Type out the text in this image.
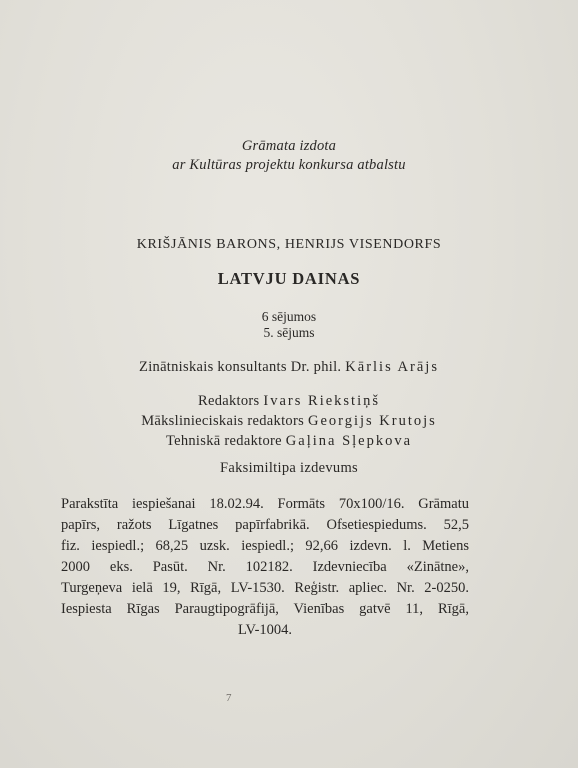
Grāmata izdota
ar Kultūras projektu konkursa atbalstu
KRIŠJĀNIS BARONS, HENRIJS VISENDORFS
LATVJU DAINAS
6 sējumos
5. sējums
Zinātniskais konsultants Dr. phil. Kārlis Arājs
Redaktors Ivars Riekstiņš
Mākslinieciskais redaktors Georgijs Krutojs
Tehniskā redaktore Gaļina Sļepkova
Faksimiltipa izdevums
Parakstīta iespiešanai 18.02.94. Formāts 70x100/16. Grāmatu
papīrs, ražots Līgatnes papīrfabrikā. Ofsetiespiedums. 52,5
fiz. iespiedl.; 68,25 uzsk. iespiedl.; 92,66 izdevn. l. Metiens
2000 eks. Pasūt. Nr. 102182. Izdevniecība «Zinātne»,
Turgeņeva ielā 19, Rīgā, LV-1530. Reģistr. apliec. Nr. 2-0250.
Iespiesta Rīgas Paraugtipogrāfijā, Vienības gatvē 11, Rīgā,
LV-1004.
7
